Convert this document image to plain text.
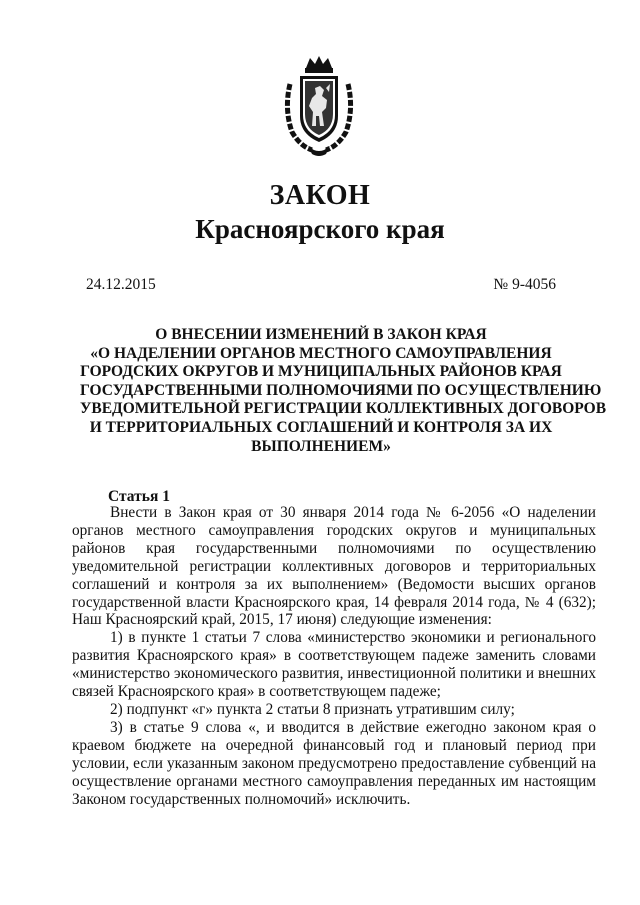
ЗАКОН
Красноярского края
24.12.2015	№ 9-4056
О ВНЕСЕНИИ ИЗМЕНЕНИЙ В ЗАКОН КРАЯ
«О НАДЕЛЕНИИ ОРГАНОВ МЕСТНОГО САМОУПРАВЛЕНИЯ
ГОРОДСКИХ ОКРУГОВ И МУНИЦИПАЛЬНЫХ РАЙОНОВ КРАЯ
ГОСУДАРСТВЕННЫМИ ПОЛНОМОЧИЯМИ ПО ОСУЩЕСТВЛЕНИЮ
УВЕДОМИТЕЛЬНОЙ РЕГИСТРАЦИИ КОЛЛЕКТИВНЫХ ДОГОВОРОВ
И ТЕРРИТОРИАЛЬНЫХ СОГЛАШЕНИЙ И КОНТРОЛЯ ЗА ИХ
ВЫПОЛНЕНИЕМ»
Статья 1

Внести в Закон края от 30 января 2014 года № 6-2056 «О наделении органов местного самоуправления городских округов и муниципальных районов края государственными полномочиями по осуществлению уведомительной регистрации коллективных договоров и территориальных соглашений и контроля за их выполнением» (Ведомости высших органов государственной власти Красноярского края, 14 февраля 2014 года, № 4 (632); Наш Красноярский край, 2015, 17 июня) следующие изменения:

1) в пункте 1 статьи 7 слова «министерство экономики и регионального развития Красноярского края» в соответствующем падеже заменить словами «министерство экономического развития, инвестиционной политики и внешних связей Красноярского края» в соответствующем падеже;

2) подпункт «г» пункта 2 статьи 8 признать утратившим силу;

3) в статье 9 слова «, и вводится в действие ежегодно законом края о краевом бюджете на очередной финансовый год и плановый период при условии, если указанным законом предусмотрено предоставление субвенций на осуществление органами местного самоуправления переданных им настоящим Законом государственных полномочий» исключить.
